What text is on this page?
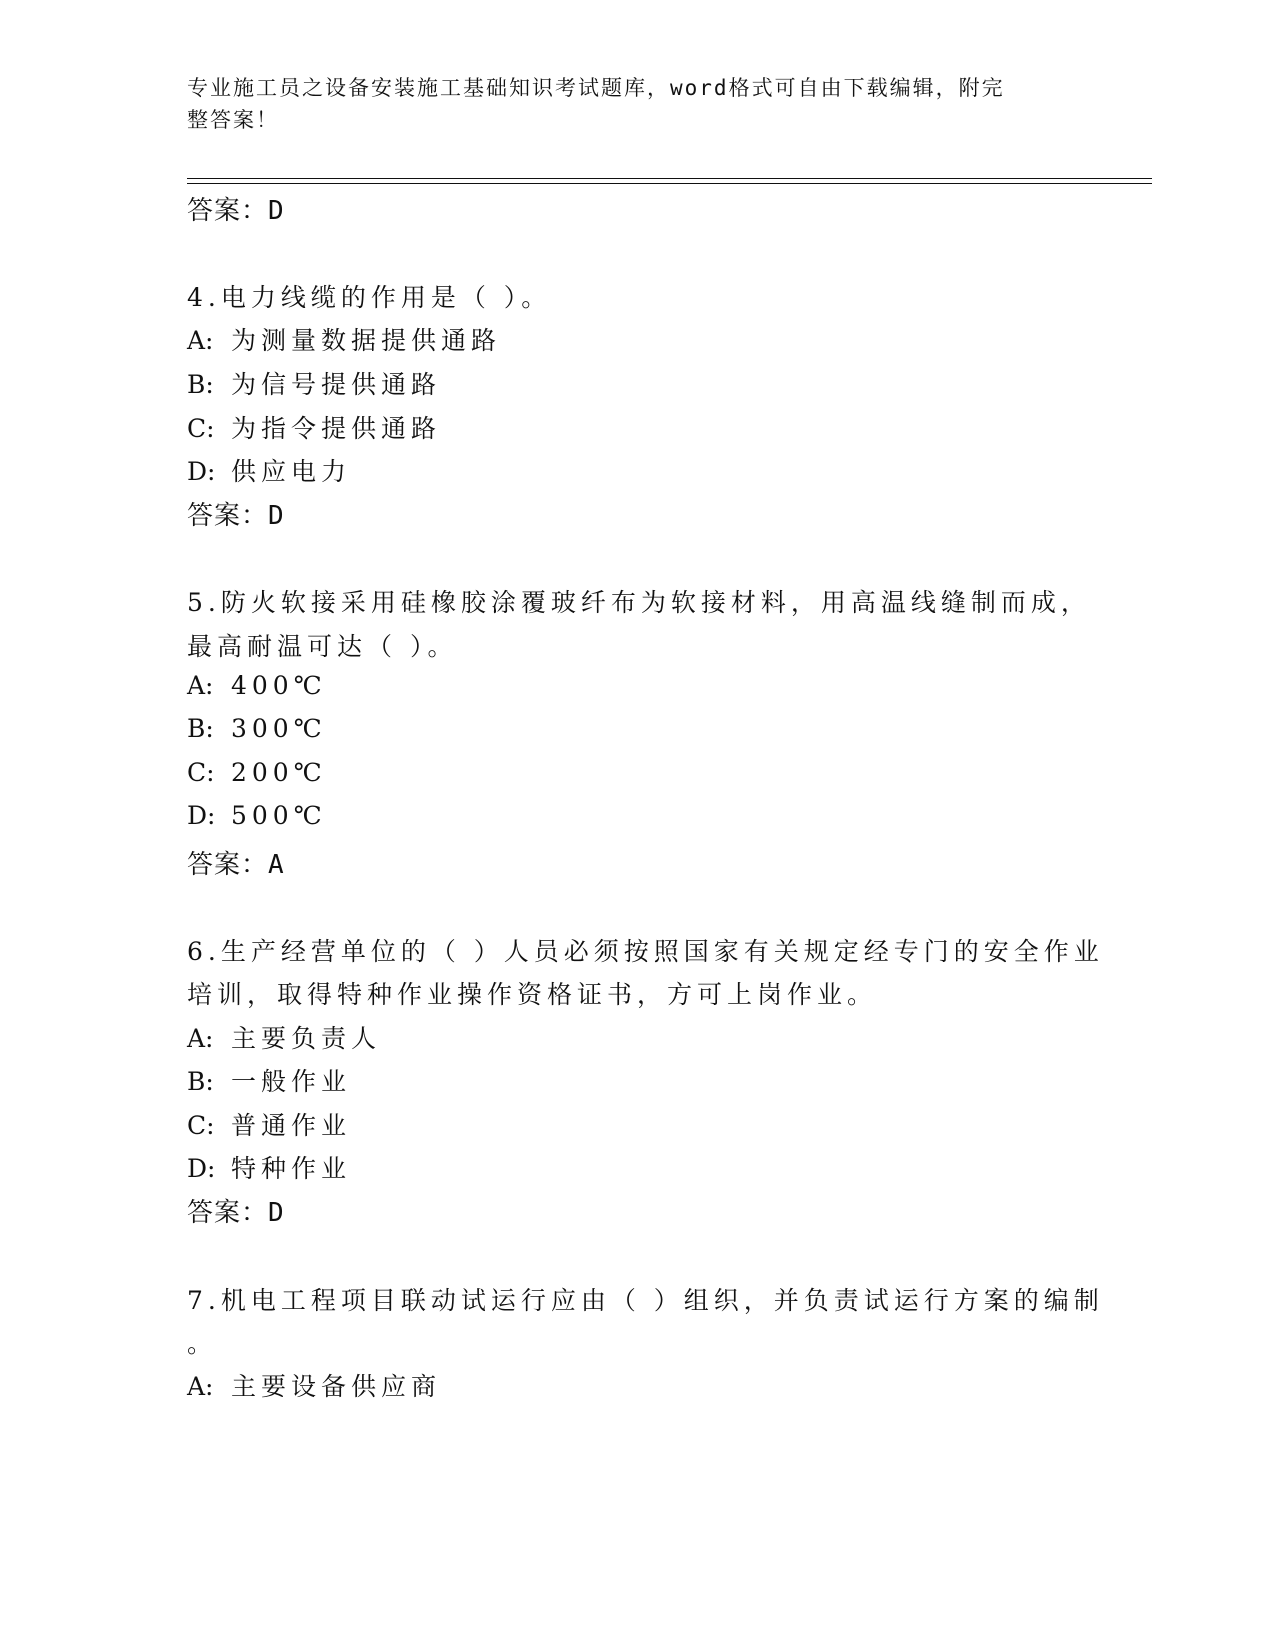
专业施工员之设备安装施工基础知识考试题库，word格式可自由下载编辑，附完
整答案！
答案：D
4.电力线缆的作用是（ ）。
A: 为测量数据提供通路
B: 为信号提供通路
C: 为指令提供通路
D: 供应电力
答案：D
5.防火软接采用硅橡胶涂覆玻纤布为软接材料，用高温线缝制而成，
最高耐温可达（ ）。
A: 400℃
B: 300℃
C: 200℃
D: 500℃
答案：A
6.生产经营单位的（ ）人员必须按照国家有关规定经专门的安全作业
培训，取得特种作业操作资格证书，方可上岗作业。
A: 主要负责人
B: 一般作业
C: 普通作业
D: 特种作业
答案：D
7.机电工程项目联动试运行应由（ ）组织，并负责试运行方案的编制
。
A: 主要设备供应商
